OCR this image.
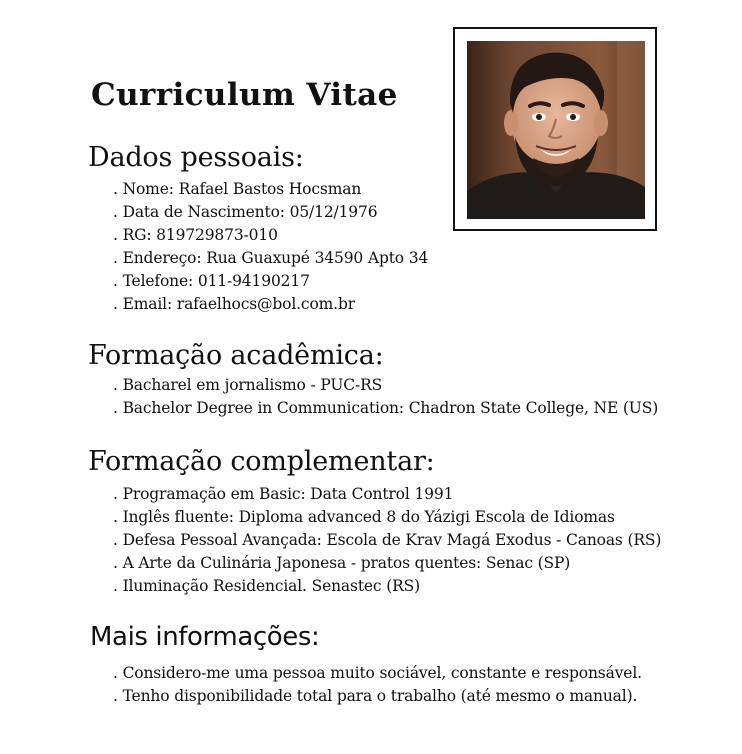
Curriculum Vitae
Dados pessoais:
. Nome: Rafael Bastos Hocsman
. Data de Nascimento: 05/12/1976
. RG: 819729873-010
. Endereço: Rua Guaxupé 34590 Apto 34
. Telefone: 011-94190217
. Email: rafaelhocs@bol.com.br
Formação acadêmica:
. Bacharel em jornalismo - PUC-RS
. Bachelor Degree in Communication: Chadron State College, NE (US)
Formação complementar:
. Programação em Basic: Data Control 1991
. Inglês fluente: Diploma advanced 8 do Yázigi Escola de Idiomas
. Defesa Pessoal Avançada: Escola de Krav Magá Exodus - Canoas (RS)
. A Arte da Culinária Japonesa - pratos quentes: Senac (SP)
. Iluminação Residencial. Senastec (RS)
Mais informações:
. Considero-me uma pessoa muito sociável, constante e responsável.
. Tenho disponibilidade total para o trabalho (até mesmo o manual).
